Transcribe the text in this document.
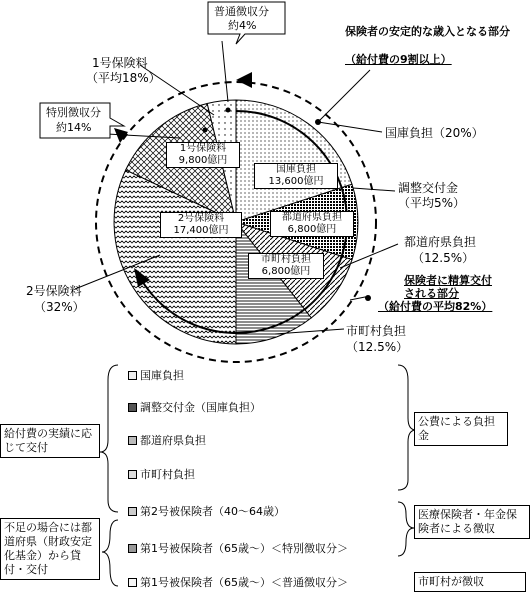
普通徴収分
約4%
1号保険料
（平均18%）
特別徴収分
約14%	国庫負担（20%）
調整交付金
（平均5%）
都道府県負担
（12.5%）
市町村負担
（12.5%）
2号保険料
（32%）
保険者の安定的な歳入となる部分
（給付費の9割以上）
保険者に精算交付
される部分
（給付費の平均82%）
1号保険料
9,800億円
2号保険料
17,400億円
国庫負担
13,600億円
都道府県負担
6,800億円
市町村負担
6,800億円
国庫負担
調整交付金（国庫負担）
都道府県負担
市町村負担
第2号被保険者（40～64歳）
第1号被保険者（65歳～）＜特別徴収分＞
第1号被保険者（65歳～）＜普通徴収分＞
給付費の実績に応じて交付
不足の場合には都道府県（財政安定化基金）から貸付・交付
公費による負担金
医療保険者・年金保険者による徴収
市町村が徴収
